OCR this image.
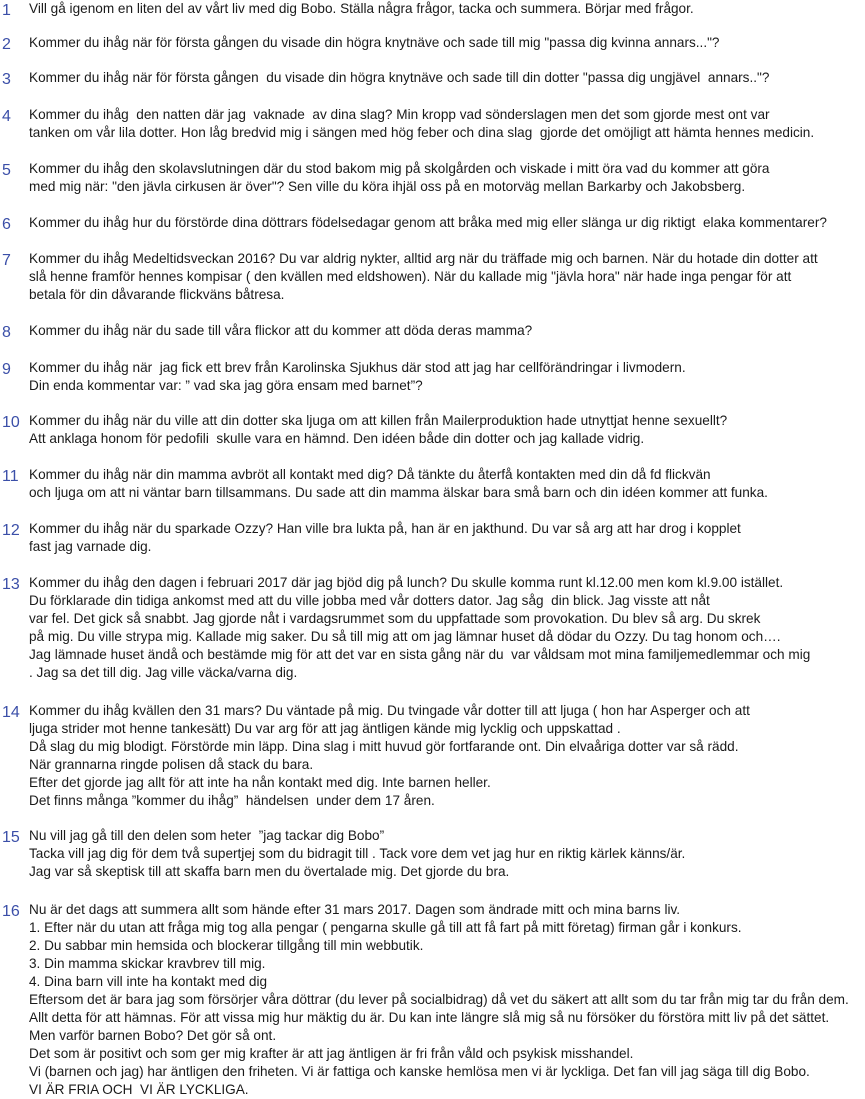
1	Vill gå igenom en liten del av vårt liv med dig Bobo. Ställa några frågor, tacka och summera. Börjar med frågor.
2	Kommer du ihåg när för första gången du visade din högra knytnäve och sade till mig "passa dig kvinna annars..."?
3	Kommer du ihåg när för första gången  du visade din högra knytnäve och sade till din dotter "passa dig ungjävel  annars.."?
4	Kommer du ihåg  den natten där jag  vaknade  av dina slag? Min kropp vad sönderslagen men det som gjorde mest ont var
tanken om vår lila dotter. Hon låg bredvid mig i sängen med hög feber och dina slag  gjorde det omöjligt att hämta hennes medicin.
5	Kommer du ihåg den skolavslutningen där du stod bakom mig på skolgården och viskade i mitt öra vad du kommer att göra
med mig när: "den jävla cirkusen är över"? Sen ville du köra ihjäl oss på en motorväg mellan Barkarby och Jakobsberg.
6	Kommer du ihåg hur du förstörde dina döttrars födelsedagar genom att bråka med mig eller slänga ur dig riktigt  elaka kommentarer?
7	Kommer du ihåg Medeltidsveckan 2016? Du var aldrig nykter, alltid arg när du träffade mig och barnen. När du hotade din dotter att
slå henne framför hennes kompisar ( den kvällen med eldshowen). När du kallade mig "jävla hora" när hade inga pengar för att
betala för din dåvarande flickväns båtresa.
8	Kommer du ihåg när du sade till våra flickor att du kommer att döda deras mamma?
9	Kommer du ihåg när  jag fick ett brev från Karolinska Sjukhus där stod att jag har cellförändringar i livmodern.
Din enda kommentar var: ” vad ska jag göra ensam med barnet”?
10 Kommer du ihåg när du ville att din dotter ska ljuga om att killen från Mailerproduktion hade utnyttjat henne sexuellt?
Att anklaga honom för pedofili  skulle vara en hämnd. Den idéen både din dotter och jag kallade vidrig.
11 Kommer du ihåg när din mamma avbröt all kontakt med dig? Då tänkte du återfå kontakten med din då fd flickvän
och ljuga om att ni väntar barn tillsammans. Du sade att din mamma älskar bara små barn och din idéen kommer att funka.
12 Kommer du ihåg när du sparkade Ozzy? Han ville bra lukta på, han är en jakthund. Du var så arg att har drog i kopplet
fast jag varnade dig.
13 Kommer du ihåg den dagen i februari 2017 där jag bjöd dig på lunch? Du skulle komma runt kl.12.00 men kom kl.9.00 istället.
Du förklarade din tidiga ankomst med att du ville jobba med vår dotters dator. Jag såg  din blick. Jag visste att nåt
var fel. Det gick så snabbt. Jag gjorde nåt i vardagsrummet som du uppfattade som provokation. Du blev så arg. Du skrek
på mig. Du ville strypa mig. Kallade mig saker. Du så till mig att om jag lämnar huset då dödar du Ozzy. Du tag honom och….
Jag lämnade huset ändå och bestämde mig för att det var en sista gång när du  var våldsam mot mina familjemedlemmar och mig
. Jag sa det till dig. Jag ville väcka/varna dig.
14 Kommer du ihåg kvällen den 31 mars? Du väntade på mig. Du tvingade vår dotter till att ljuga ( hon har Asperger och att
ljuga strider mot henne tankesätt) Du var arg för att jag äntligen kände mig lycklig och uppskattad .
Då slag du mig blodigt. Förstörde min läpp. Dina slag i mitt huvud gör fortfarande ont. Din elvaåriga dotter var så rädd.
När grannarna ringde polisen då stack du bara.
Efter det gjorde jag allt för att inte ha nån kontakt med dig. Inte barnen heller.
Det finns många ”kommer du ihåg”  händelsen  under dem 17 åren.
15 Nu vill jag gå till den delen som heter  ”jag tackar dig Bobo”
Tacka vill jag dig för dem två supertjej som du bidragit till . Tack vore dem vet jag hur en riktig kärlek känns/är.
Jag var så skeptisk till att skaffa barn men du övertalade mig. Det gjorde du bra.
16 Nu är det dags att summera allt som hände efter 31 mars 2017. Dagen som ändrade mitt och mina barns liv.
1. Efter när du utan att fråga mig tog alla pengar ( pengarna skulle gå till att få fart på mitt företag) firman går i konkurs.
2. Du sabbar min hemsida och blockerar tillgång till min webbutik.
3. Din mamma skickar kravbrev till mig.
4. Dina barn vill inte ha kontakt med dig
Eftersom det är bara jag som försörjer våra döttrar (du lever på socialbidrag) då vet du säkert att allt som du tar från mig tar du från dem.
Allt detta för att hämnas. För att vissa mig hur mäktig du är. Du kan inte längre slå mig så nu försöker du förstöra mitt liv på det sättet.
Men varför barnen Bobo? Det gör så ont.
Det som är positivt och som ger mig krafter är att jag äntligen är fri från våld och psykisk misshandel.
Vi (barnen och jag) har äntligen den friheten. Vi är fattiga och kanske hemlösa men vi är lyckliga. Det fan vill jag säga till dig Bobo.
VI ÄR FRIA OCH  VI ÄR LYCKLIGA.
